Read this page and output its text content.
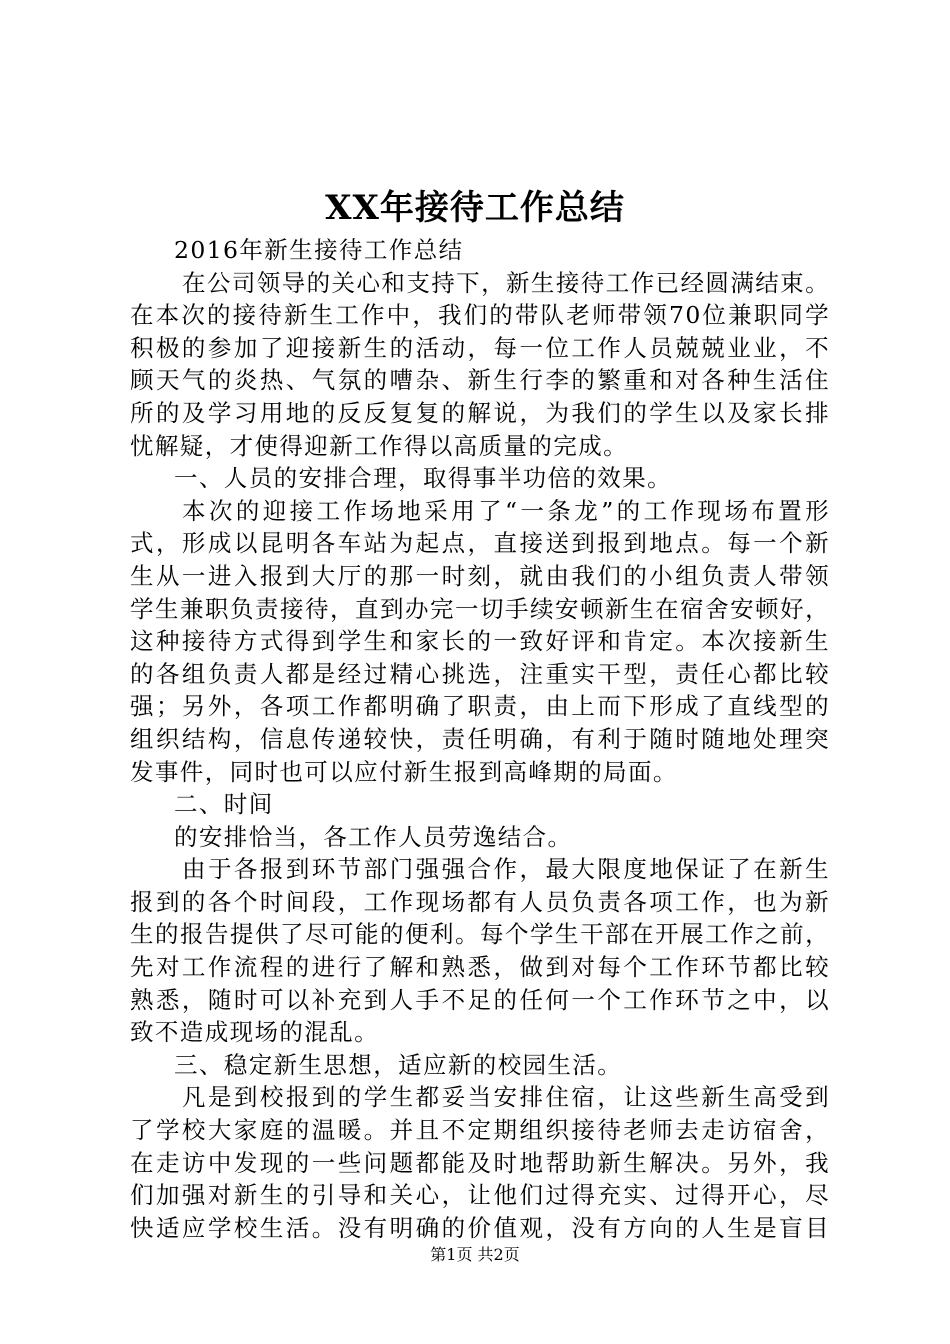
XX年接待工作总结
2016年新生接待工作总结
在公司领导的关心和支持下，新生接待工作已经圆满结束。
在本次的接待新生工作中，我们的带队老师带领70位兼职同学
积极的参加了迎接新生的活动，每一位工作人员兢兢业业，不
顾天气的炎热、气氛的嘈杂、新生行李的繁重和对各种生活住
所的及学习用地的反反复复的解说，为我们的学生以及家长排
忧解疑，才使得迎新工作得以高质量的完成。
一、人员的安排合理，取得事半功倍的效果。
本次的迎接工作场地采用了“一条龙”的工作现场布置形
式，形成以昆明各车站为起点，直接送到报到地点。每一个新
生从一进入报到大厅的那一时刻，就由我们的小组负责人带领
学生兼职负责接待，直到办完一切手续安顿新生在宿舍安顿好，
这种接待方式得到学生和家长的一致好评和肯定。本次接新生
的各组负责人都是经过精心挑选，注重实干型，责任心都比较
强；另外，各项工作都明确了职责，由上而下形成了直线型的
组织结构，信息传递较快，责任明确，有利于随时随地处理突
发事件，同时也可以应付新生报到高峰期的局面。
二、时间
的安排恰当，各工作人员劳逸结合。
由于各报到环节部门强强合作，最大限度地保证了在新生
报到的各个时间段，工作现场都有人员负责各项工作，也为新
生的报告提供了尽可能的便利。每个学生干部在开展工作之前，
先对工作流程的进行了解和熟悉，做到对每个工作环节都比较
熟悉，随时可以补充到人手不足的任何一个工作环节之中，以
致不造成现场的混乱。
三、稳定新生思想，适应新的校园生活。
凡是到校报到的学生都妥当安排住宿，让这些新生高受到
了学校大家庭的温暖。并且不定期组织接待老师去走访宿舍，
在走访中发现的一些问题都能及时地帮助新生解决。另外，我
们加强对新生的引导和关心，让他们过得充实、过得开心，尽
快适应学校生活。没有明确的价值观，没有方向的人生是盲目
第1页 共2页
